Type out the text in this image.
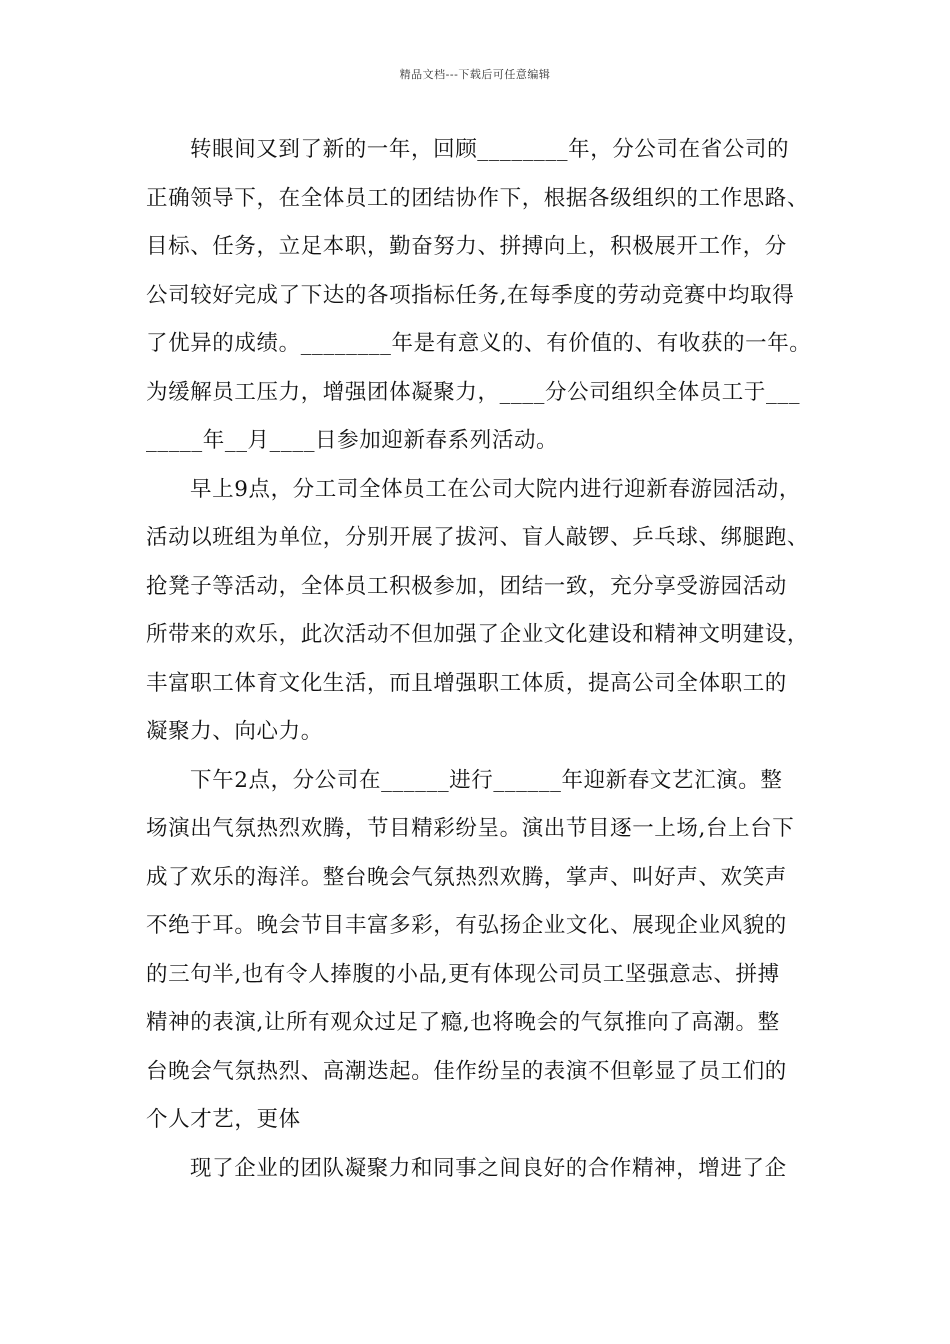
精品文档---下载后可任意编辑
转眼间又到了新的一年，回顾________年，分公司在省公司的
正确领导下，在全体员工的团结协作下，根据各级组织的工作思路、
目标、任务，立足本职，勤奋努力、拼搏向上，积极展开工作，分
公司较好完成了下达的各项指标任务,在每季度的劳动竞赛中均取得
了优异的成绩。________年是有意义的、有价值的、有收获的一年。
为缓解员工压力，增强团体凝聚力，____分公司组织全体员工于___
_____年__月____日参加迎新春系列活动。
早上9点，分工司全体员工在公司大院内进行迎新春游园活动，
活动以班组为单位，分别开展了拔河、盲人敲锣、乒乓球、绑腿跑、
抢凳子等活动，全体员工积极参加，团结一致，充分享受游园活动
所带来的欢乐，此次活动不但加强了企业文化建设和精神文明建设，
丰富职工体育文化生活，而且增强职工体质，提高公司全体职工的
凝聚力、向心力。
下午2点，分公司在______进行______年迎新春文艺汇演。整
场演出气氛热烈欢腾，节目精彩纷呈。演出节目逐一上场,台上台下
成了欢乐的海洋。整台晚会气氛热烈欢腾，掌声、叫好声、欢笑声
不绝于耳。晚会节目丰富多彩，有弘扬企业文化、展现企业风貌的
的三句半,也有令人捧腹的小品,更有体现公司员工坚强意志、拼搏
精神的表演,让所有观众过足了瘾,也将晚会的气氛推向了高潮。整
台晚会气氛热烈、高潮迭起。佳作纷呈的表演不但彰显了员工们的
个人才艺，更体
现了企业的团队凝聚力和同事之间良好的合作精神，增进了企
